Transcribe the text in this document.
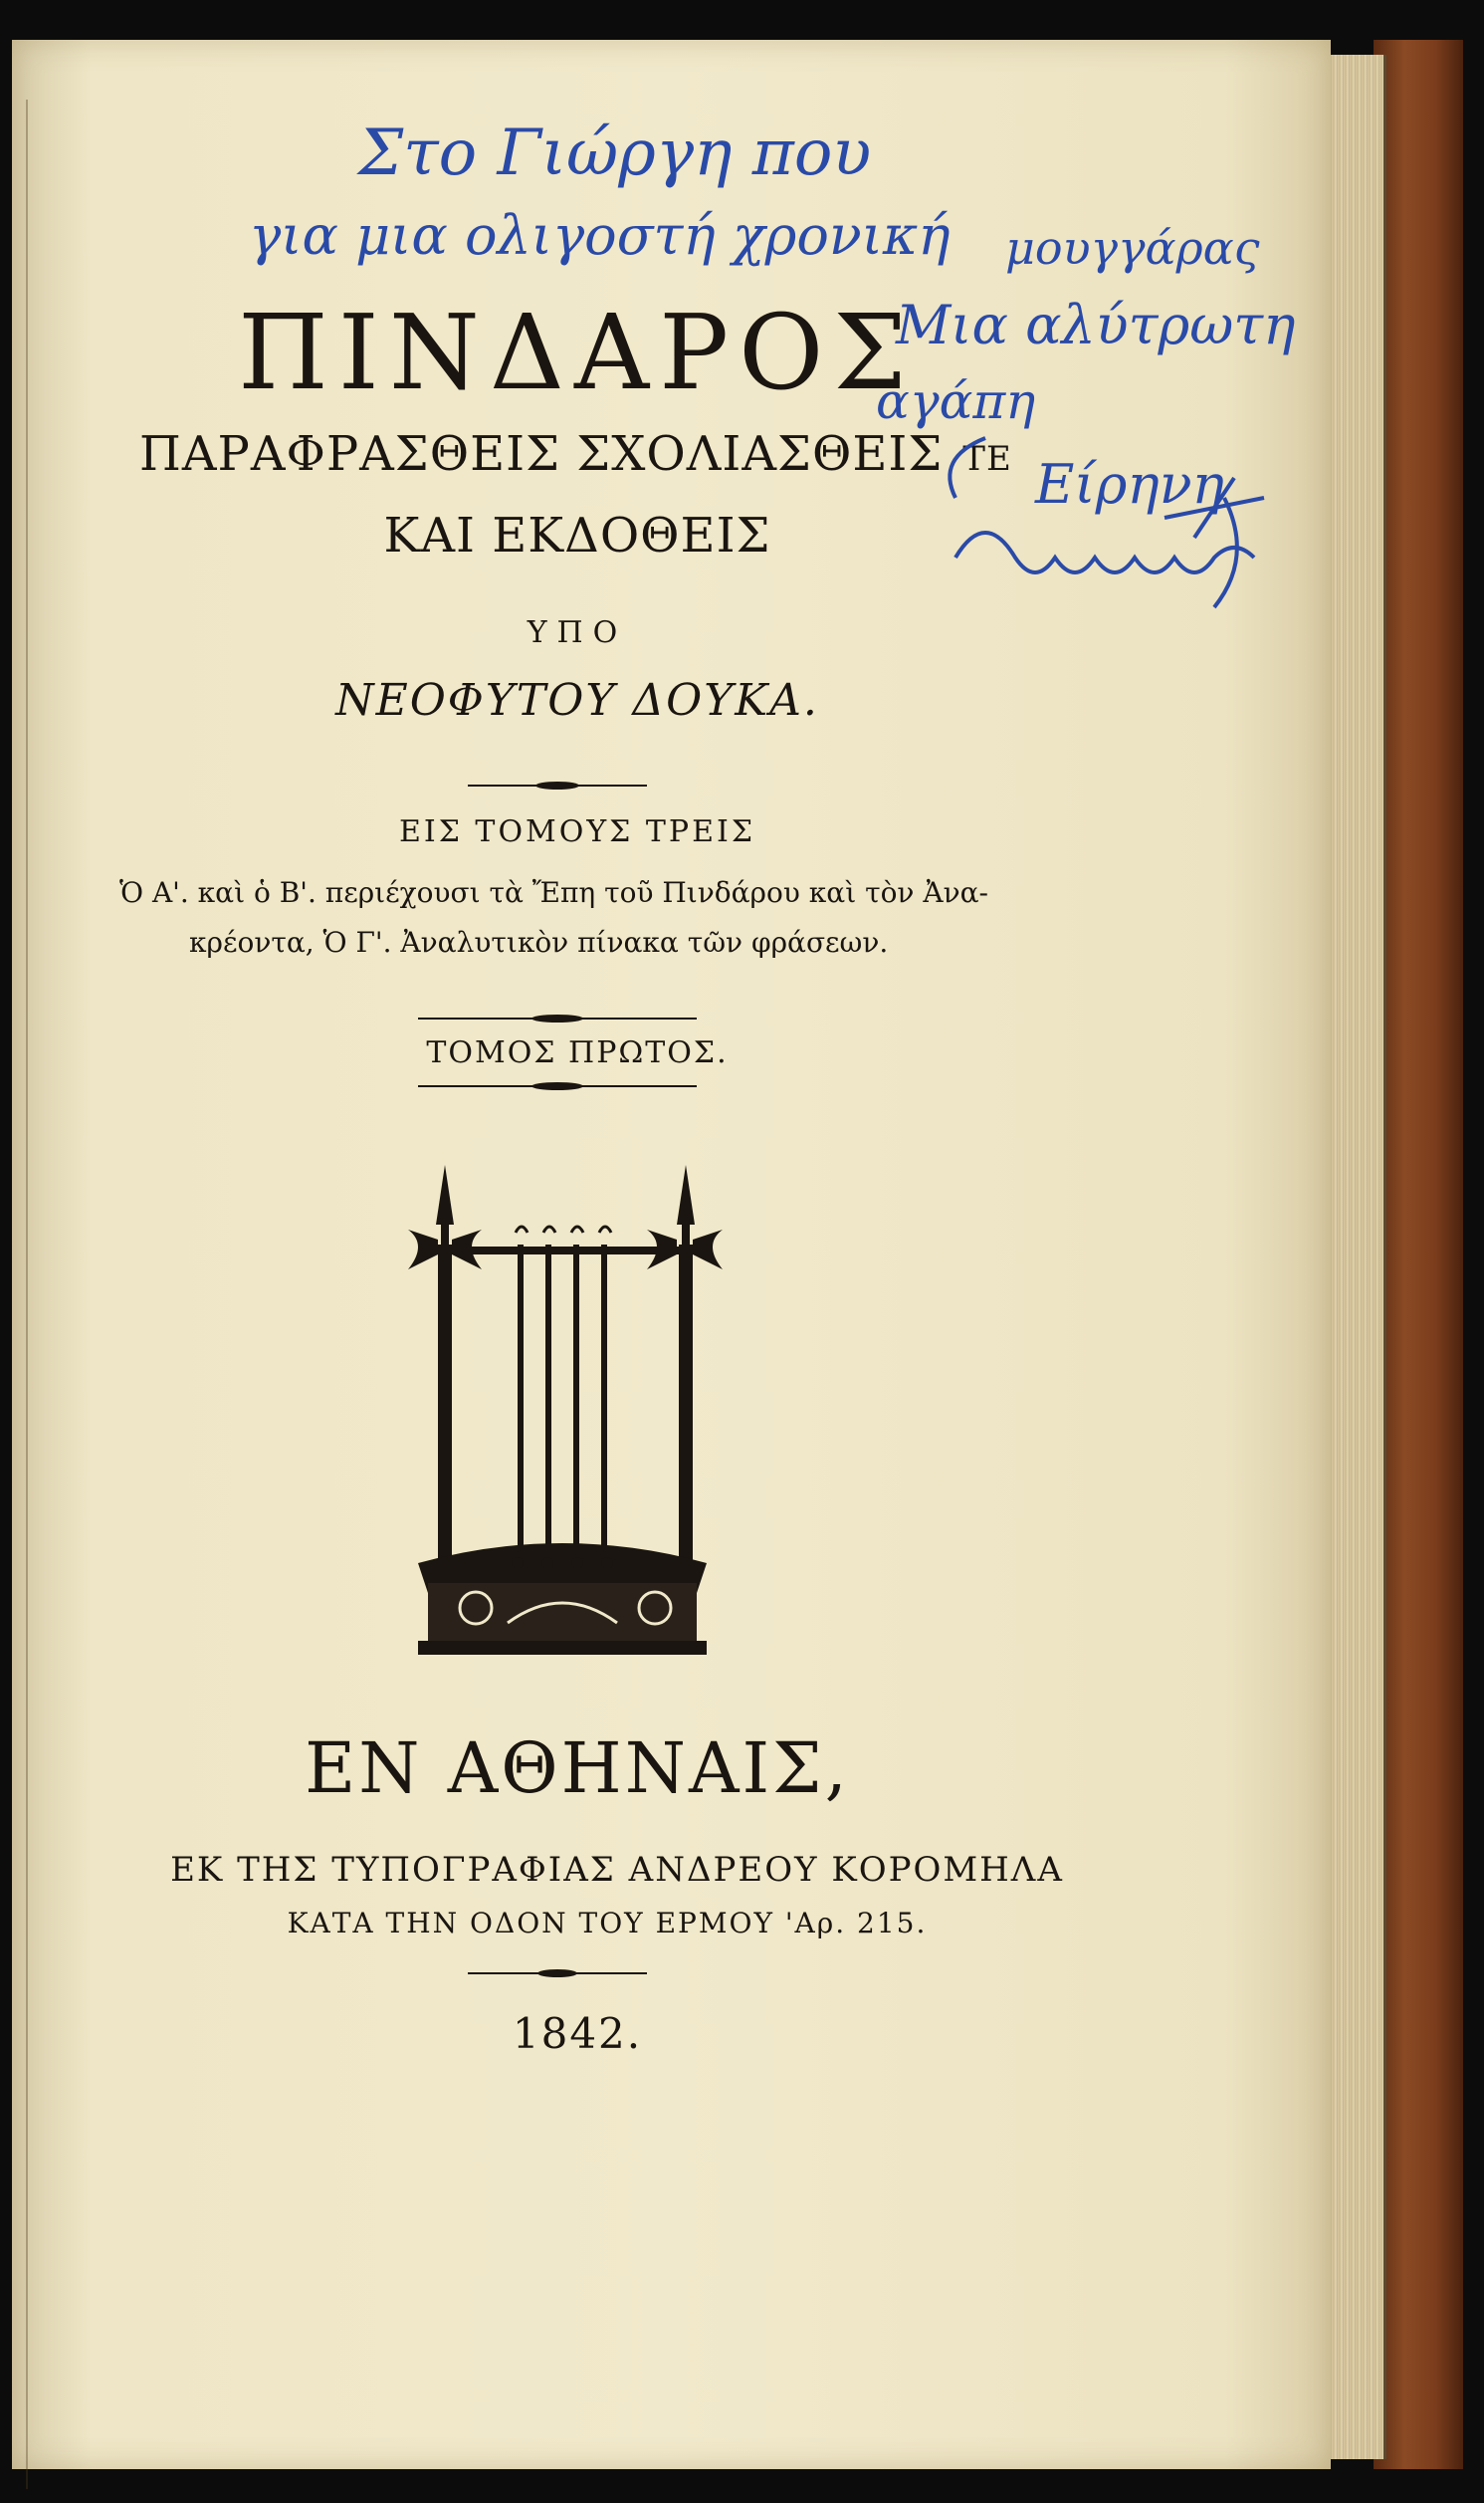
ΠΙΝΔΑΡΟΣ
ΠΑΡΑΦΡΑΣΘΕΙΣ ΣΧΟΛΙΑΣΘΕΙΣ ΤΕ
ΚΑΙ ΕΚΔΟΘΕΙΣ
ΥΠΟ
ΝΕΟΦΥΤΟΥ ΔΟΥΚΑ.
ΕΙΣ ΤΟΜΟΥΣ ΤΡΕΙΣ
Ὁ Α'. καὶ ὁ Β'. περιέχουσι τὰ Ἔπη τοῦ Πινδάρου καὶ τὸν Ἀνα-
κρέοντα, Ὁ Γ'. Ἀναλυτικὸν πίνακα τῶν φράσεων.
ΤΟΜΟΣ ΠΡΩΤΟΣ.
ΕΝ ΑΘΗΝΑΙΣ,
ΕΚ ΤΗΣ ΤΥΠΟΓΡΑΦΙΑΣ ΑΝΔΡΕΟΥ ΚΟΡΟΜΗΛΑ
ΚΑΤΑ ΤΗΝ ΟΔΟΝ ΤΟΥ ΕΡΜΟΥ 'Αρ. 215.
1842.
Στο Γιώργη που
για μια ολιγοστή χρονική μουγγάρας
Μια αλύτρωτη
αγάπη
Είρηνη
